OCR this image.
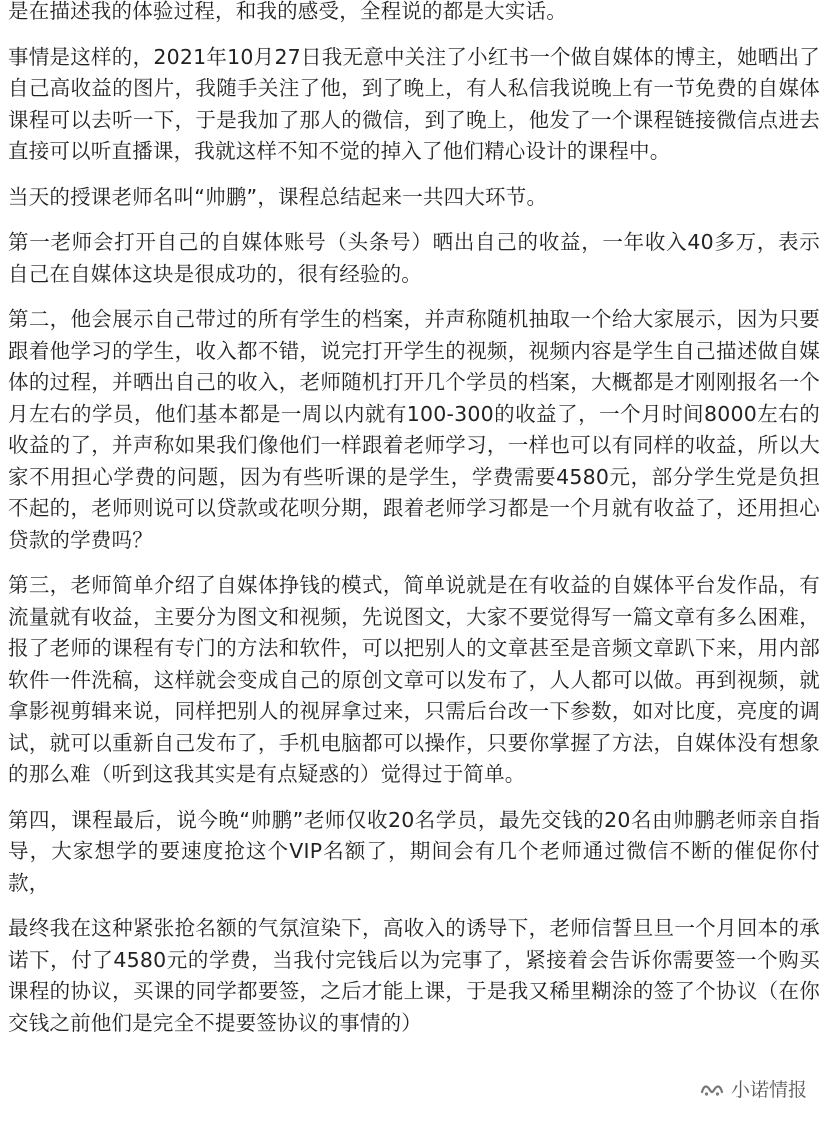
是在描述我的体验过程，和我的感受，全程说的都是大实话。

事情是这样的，2021年10月27日我无意中关注了小红书一个做自媒体的博主，她晒出了自己高收益的图片，我随手关注了他，到了晚上，有人私信我说晚上有一节免费的自媒体课程可以去听一下，于是我加了那人的微信，到了晚上，他发了一个课程链接微信点进去直接可以听直播课，我就这样不知不觉的掉入了他们精心设计的课程中。

当天的授课老师名叫“帅鹏”，课程总结起来一共四大环节。

第一老师会打开自己的自媒体账号（头条号）晒出自己的收益，一年收入40多万，表示自己在自媒体这块是很成功的，很有经验的。

第二，他会展示自己带过的所有学生的档案，并声称随机抽取一个给大家展示，因为只要跟着他学习的学生，收入都不错，说完打开学生的视频，视频内容是学生自己描述做自媒体的过程，并晒出自己的收入，老师随机打开几个学员的档案，大概都是才刚刚报名一个月左右的学员，他们基本都是一周以内就有100-300的收益了，一个月时间8000左右的收益的了，并声称如果我们像他们一样跟着老师学习，一样也可以有同样的收益，所以大家不用担心学费的问题，因为有些听课的是学生，学费需要4580元，部分学生党是负担不起的，老师则说可以贷款或花呗分期，跟着老师学习都是一个月就有收益了，还用担心贷款的学费吗？

第三，老师简单介绍了自媒体挣钱的模式，简单说就是在有收益的自媒体平台发作品，有流量就有收益，主要分为图文和视频，先说图文，大家不要觉得写一篇文章有多么困难，报了老师的课程有专门的方法和软件，可以把别人的文章甚至是音频文章趴下来，用内部软件一件洗稿，这样就会变成自己的原创文章可以发布了，人人都可以做。再到视频，就拿影视剪辑来说，同样把别人的视屏拿过来，只需后台改一下参数，如对比度，亮度的调试，就可以重新自己发布了，手机电脑都可以操作，只要你掌握了方法，自媒体没有想象的那么难（听到这我其实是有点疑惑的）觉得过于简单。

第四，课程最后，说今晚“帅鹏”老师仅收20名学员，最先交钱的20名由帅鹏老师亲自指导，大家想学的要速度抢这个VIP名额了，期间会有几个老师通过微信不断的催促你付款，

最终我在这种紧张抢名额的气氛渲染下，高收入的诱导下，老师信誓旦旦一个月回本的承诺下，付了4580元的学费，当我付完钱后以为完事了，紧接着会告诉你需要签一个购买课程的协议，买课的同学都要签，之后才能上课，于是我又稀里糊涂的签了个协议（在你交钱之前他们是完全不提要签协议的事情的）

小诺情报
